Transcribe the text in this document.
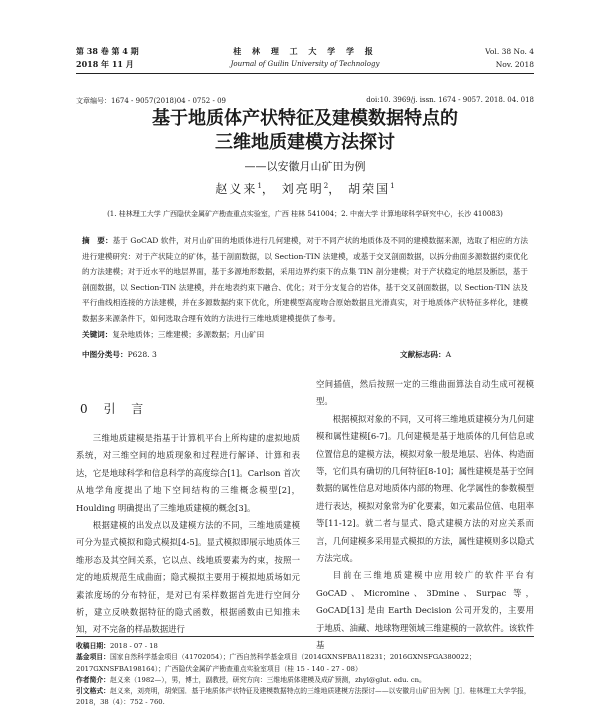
第 38 卷 第 4 期
2018 年 11 月
桂 林 理 工 大 学 学 报
Journal of Guilin University of Technology
Vol. 38 No. 4
Nov. 2018
文章编号：1674 - 9057(2018)04 - 0752 - 09	doi:10. 3969/j. issn. 1674 - 9057. 2018. 04. 018
基于地质体产状特征及建模数据特点的
三维地质建模方法探讨
——以安徽月山矿田为例
赵义来$^1$， 刘亮明$^2$， 胡荣国$^1$
(1. 桂林理工大学 广西隐伏金属矿产勘查重点实验室，广西 桂林 541004；2. 中南大学 计算地球科学研究中心，长沙 410083)

摘　要：基于 GoCAD 软件，对月山矿田的地质体进行几何建模，对于不同产状的地质体及不同的建模数据来源，选取了相应的方法进行建模研究：对于产状陡立的矿体，基于剖面数据，以 Section-TIN 法建模，或基于交叉剖面数据，以拆分曲面多源数据约束优化的方法建模；对于近水平的地层界面，基于多源地形数据，采用边界约束下的点集 TIN 剖分建模；对于产状稳定的地层及断层，基于剖面数据，以 Section-TIN 法建模，并在地表约束下融合、优化；对于分支复合的岩体，基于交叉剖面数据，以 Section-TIN 法及平行曲线相连接的方法建模，并在多源数据约束下优化，所建模型高度吻合原始数据且光滑真实，对于地质体产状特征多样化，建模数据多来源条件下，如何选取合理有效的方法进行三维地质建模提供了参考。

关键词：复杂地质体；三维建模；多源数据；月山矿田

中图分类号：P628. 3	文献标志码：A
0 引 言

三维地质建模是指基于计算机平台上所构建的虚拟地质系统，对三维空间的地质现象和过程进行解译、计算和表达，它是地球科学和信息科学的高度综合[1]。Carlson 首次从地学角度提出了地下空间结构的三维概念模型[2]，Houlding 明确提出了三维地质建模的概念[3]。

根据建模的出发点以及建模方法的不同，三维地质建模可分为显式模拟和隐式模拟[4-5]。显式模拟即展示地质体三维形态及其空间关系，它以点、线地质要素为约束，按照一定的地质规范生成曲面；隐式模拟主要用于模拟地质场如元素浓度场的分布特征，是对已有采样数据首先进行空间分析，建立反映数据特征的隐式函数，根据函数由已知推未知，对不完备的样品数据进行

空间插值，然后按照一定的三维曲面算法自动生成可视模型。

根据模拟对象的不同，又可将三维地质建模分为几何建模和属性建模[6-7]。几何建模是基于地质体的几何信息或位置信息的建模方法，模拟对象一般是地层、岩体、构造面等，它们具有确切的几何特征[8-10]；属性建模是基于空间数据的属性信息对地质体内部的物理、化学属性的参数模型进行表达，模拟对象常为矿化要素，如元素品位值、电阻率等[11-12]。就二者与显式、隐式建模方法的对应关系而言，几何建模多采用显式模拟的方法，属性建模则多以隐式方法完成。

目前在三维地质建模中应用较广的软件平台有 GoCAD、Micromine、3Dmine、Surpac 等，GoCAD[13] 是由 Earth Decision 公司开发的，主要用于地质、油藏、地球物理领域三维建模的一款软件。该软件基

收稿日期：2018 - 07 - 18

基金项目：国家自然科学基金项目（41702054）；广西自然科学基金项目（2014GXNSFBA118231；2016GXNSFGA380022；2017GXNSFBA198164）；广西隐伏金属矿产勘查重点实验室项目（桂 15 - 140 - 27 - 08）

作者简介：赵义来（1982—），男，博士，副教授，研究方向：三维地质体建模及成矿预测，zhyl@glut. edu. cn。

引文格式：赵义来，刘亮明，胡荣国．基于地质体产状特征及建模数据特点的三维地质建模方法探讨——以安徽月山矿田为例［J］．桂林理工大学学报，2018，38（4）：752 - 760.
